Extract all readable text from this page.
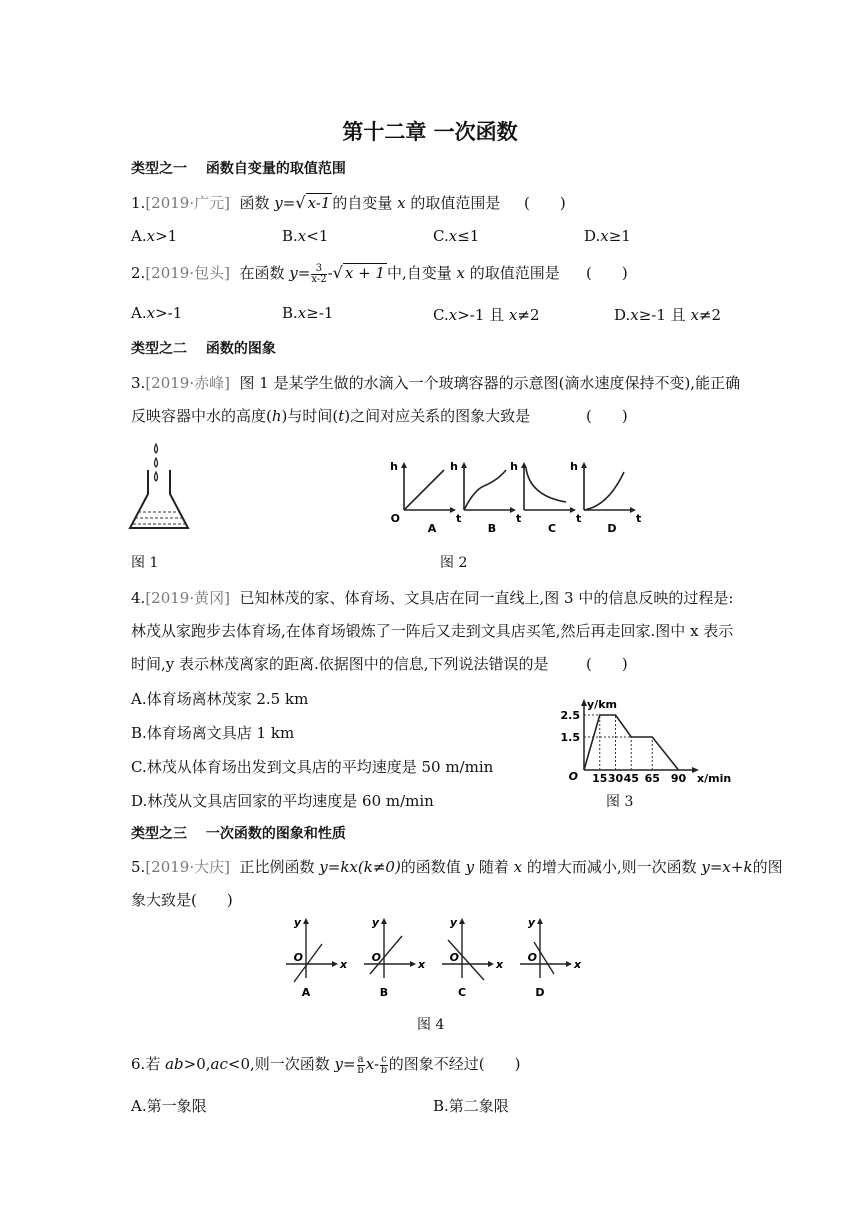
第十二章 一次函数
类型之一　 函数自变量的取值范围
1.[2019·广元] 函数 y=√ x-1 的自变量 x 的取值范围是 (　　)
A.x>1	B.x<1	C.x≤1	D.x≥1
2.[2019·包头] 在函数 $y= \frac{3}{x-2}$ -√ x + 1 中,自变量 x 的取值范围是 (　　)
A.x>-1	B.x≥-1	C.x>-1 且 x≠2	D.x≥-1 且 x≠2
类型之二　 函数的图象
3.[2019·赤峰] 图 1 是某学生做的水滴入一个玻璃容器的示意图(滴水速度保持不变),能正确
反映容器中水的高度(h)与时间(t)之间对应关系的图象大致是	(　　)
图 1
h
t
A
O
h
t
B
h
t
C
h
t
D
图 2
4.[2019·黄冈] 已知林茂的家、体育场、文具店在同一直线上,图 3 中的信息反映的过程是:
林茂从家跑步去体育场,在体育场锻炼了一阵后又走到文具店买笔,然后再走回家.图中 x 表示
时间,y 表示林茂离家的距离.依据图中的信息,下列说法错误的是 (　　)
A.体育场离林茂家 2.5 km
B.体育场离文具店 1 km
C.林茂从体育场出发到文具店的平均速度是 50 m/min
D.林茂从文具店回家的平均速度是 60 m/min
15 30 45 65 90
1.5
2.5
O
y/km
x/min
图 3
类型之三　 一次函数的图象和性质
5.[2019·大庆] 正比例函数 y=kx(k≠0)的函数值 y 随着 x 的增大而减小,则一次函数 y=x+k的图
象大致是(　　)
y
x
O
A
y
x
O
B
y
x
O
C
y
x
O
D
图 4
6.若 ab>0,ac<0,则一次函数 $y= \frac{a}{b} x- \frac{c}{b}$ 的图象不经过(　　)
A.第一象限	B.第二象限
